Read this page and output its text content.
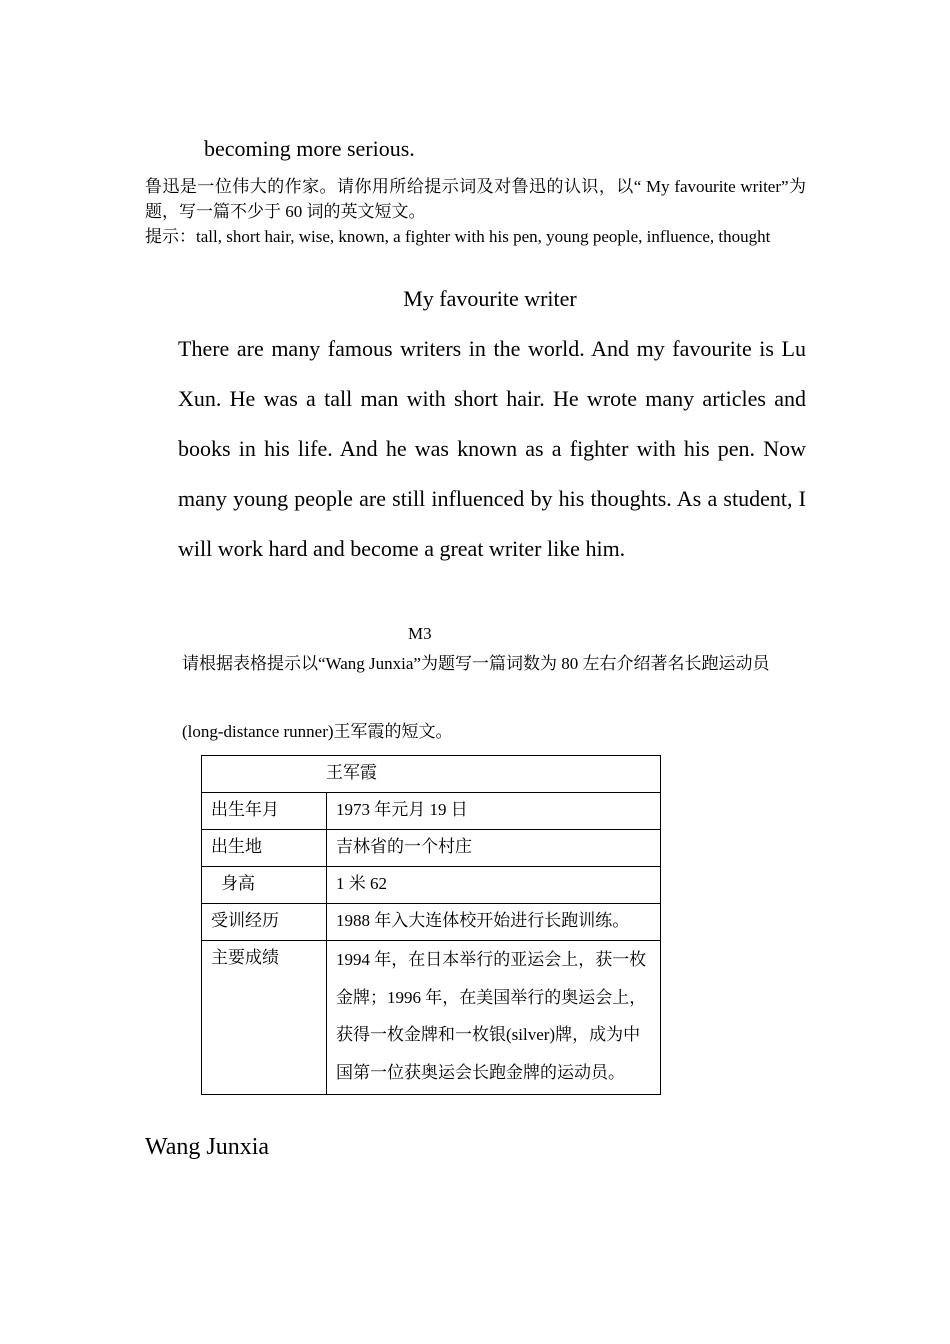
becoming more serious.

鲁迅是一位伟大的作家。请你用所给提示词及对鲁迅的认识，以“ My favourite writer”为题，写一篇不少于 60 词的英文短文。

提示：tall, short hair, wise, known, a fighter with his pen, young people, influence, thought

My favourite writer

There are many famous writers in the world. And my favourite is Lu Xun. He was a tall man with short hair. He wrote many articles and books in his life. And he was known as a fighter with his pen. Now many young people are still influenced by his thoughts. As a student, I will work hard and become a great writer like him.

M3
请根据表格提示以“Wang Junxia”为题写一篇词数为 80 左右介绍著名长跑运动员
(long-distance runner)王军霞的短文。
王军霞	
出生年月	1973 年元月 19 日
出生地	吉林省的一个村庄
身高	1 米 62
受训经历	1988 年入大连体校开始进行长跑训练。
主要成绩	1994 年，在日本举行的亚运会上，获一枚金牌；1996 年，在美国举行的奥运会上，获得一枚金牌和一枚银(silver)牌，成为中国第一位获奥运会长跑金牌的运动员。
Wang Junxia
